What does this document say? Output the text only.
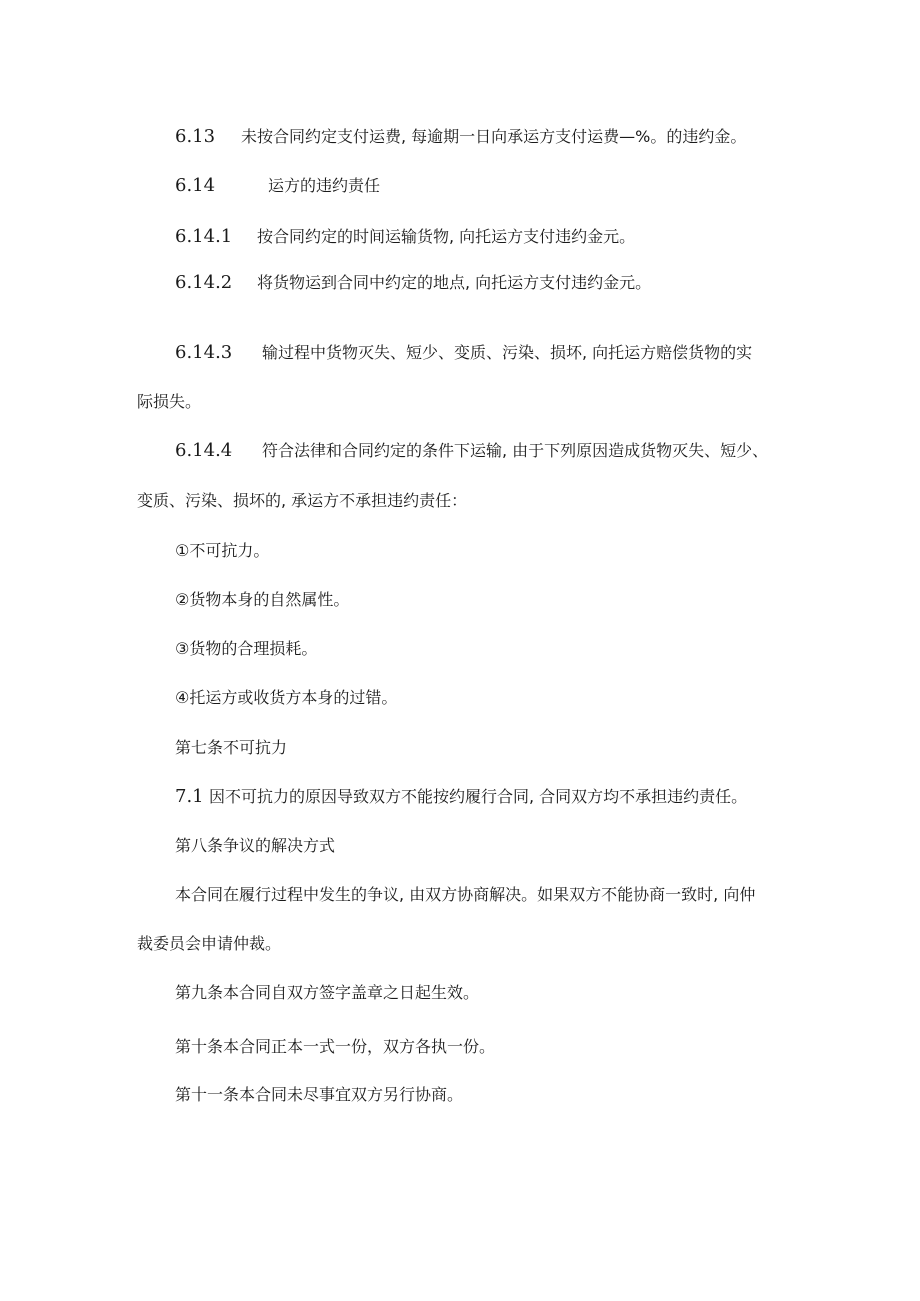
6.13 未按合同约定支付运费, 每逾期一日向承运方支付运费—%。的违约金。
6.14	运方的违约责任
6.14.1 按合同约定的时间运输货物, 向托运方支付违约金元。
6.14.2 将货物运到合同中约定的地点, 向托运方支付违约金元。
6.14.3 输过程中货物灭失、短少、变质、污染、损坏, 向托运方赔偿货物的实
际损失。
6.14.4 符合法律和合同约定的条件下运输, 由于下列原因造成货物灭失、短少、
变质、污染、损坏的, 承运方不承担违约责任：
①不可抗力。
②货物本身的自然属性。
③货物的合理损耗。
④托运方或收货方本身的过错。
第七条不可抗力
7.1 因不可抗力的原因导致双方不能按约履行合同, 合同双方均不承担违约责任。
第八条争议的解决方式
本合同在履行过程中发生的争议, 由双方协商解决。如果双方不能协商一致时, 向仲
裁委员会申请仲裁。
第九条本合同自双方签字盖章之日起生效。
第十条本合同正本一式一份，双方各执一份。
第十一条本合同未尽事宜双方另行协商。
